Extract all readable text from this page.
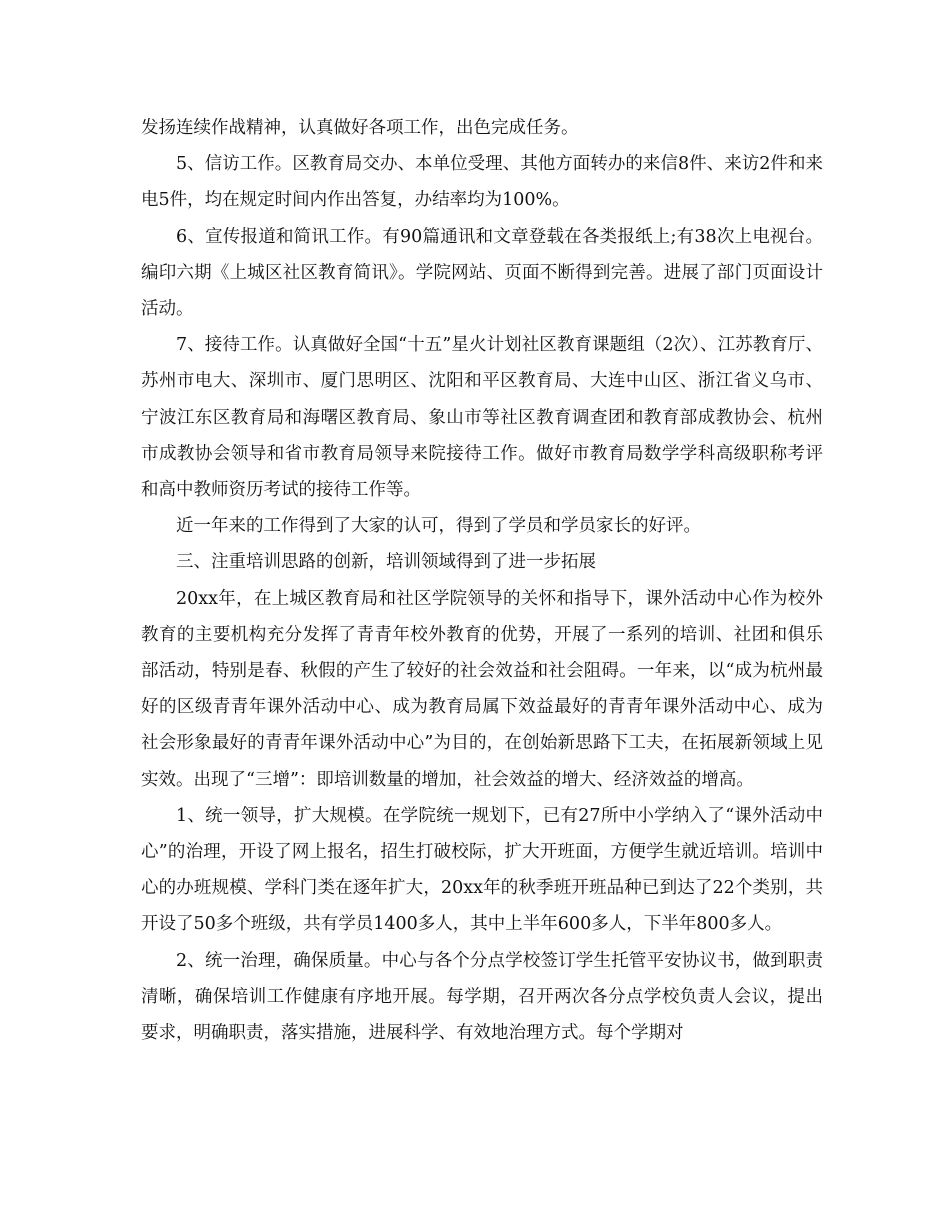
发扬连续作战精神，认真做好各项工作，出色完成任务。

5、信访工作。区教育局交办、本单位受理、其他方面转办的来信8件、来访2件和来电5件，均在规定时间内作出答复，办结率均为100%。

6、宣传报道和简讯工作。有90篇通讯和文章登载在各类报纸上;有38次上电视台。编印六期《上城区社区教育简讯》。学院网站、页面不断得到完善。进展了部门页面设计活动。

7、接待工作。认真做好全国“十五”星火计划社区教育课题组（2次）、江苏教育厅、苏州市电大、深圳市、厦门思明区、沈阳和平区教育局、大连中山区、浙江省义乌市、宁波江东区教育局和海曙区教育局、象山市等社区教育调查团和教育部成教协会、杭州市成教协会领导和省市教育局领导来院接待工作。做好市教育局数学学科高级职称考评和高中教师资历考试的接待工作等。

近一年来的工作得到了大家的认可，得到了学员和学员家长的好评。

三、注重培训思路的创新，培训领域得到了进一步拓展

20xx年，在上城区教育局和社区学院领导的关怀和指导下，课外活动中心作为校外教育的主要机构充分发挥了青青年校外教育的优势，开展了一系列的培训、社团和俱乐部活动，特别是春、秋假的产生了较好的社会效益和社会阻碍。一年来，以“成为杭州最好的区级青青年课外活动中心、成为教育局属下效益最好的青青年课外活动中心、成为社会形象最好的青青年课外活动中心”为目的，在创始新思路下工夫，在拓展新领域上见实效。出现了“三增”：即培训数量的增加，社会效益的增大、经济效益的增高。

1、统一领导，扩大规模。在学院统一规划下，已有27所中小学纳入了“课外活动中心”的治理，开设了网上报名，招生打破校际，扩大开班面，方便学生就近培训。培训中心的办班规模、学科门类在逐年扩大，20xx年的秋季班开班品种已到达了22个类别，共开设了50多个班级，共有学员1400多人，其中上半年600多人，下半年800多人。

2、统一治理，确保质量。中心与各个分点学校签订学生托管平安协议书，做到职责清晰，确保培训工作健康有序地开展。每学期，召开两次各分点学校负责人会议，提出要求，明确职责，落实措施，进展科学、有效地治理方式。每个学期对
